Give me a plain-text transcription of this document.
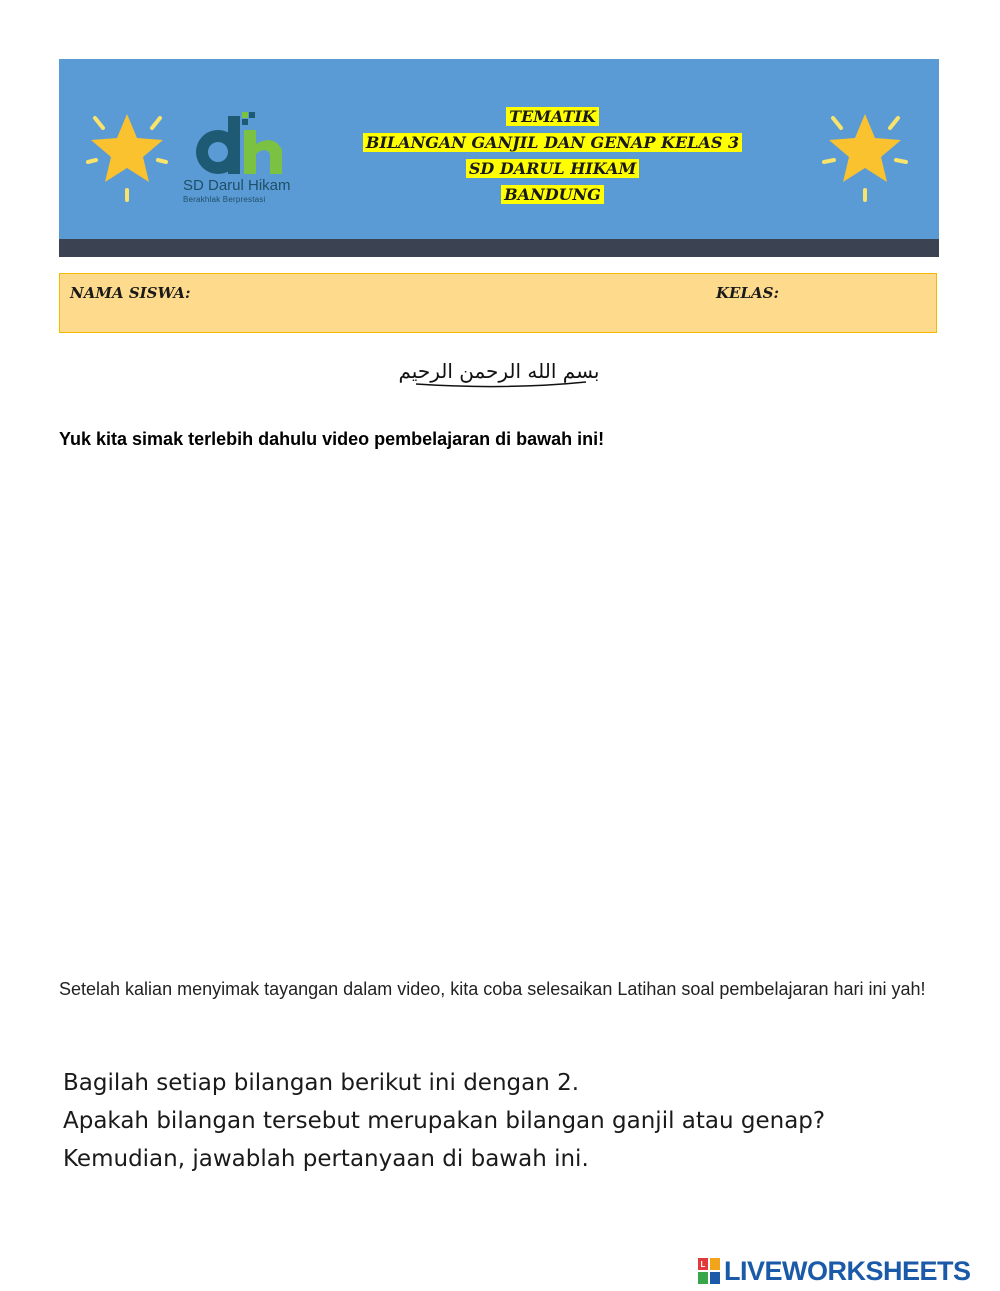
SD Darul Hikam
Berakhlak Berprestasi
TEMATIK
BILANGAN GANJIL DAN GENAP KELAS 3
SD DARUL HIKAM
BANDUNG
NAMA SISWA:	KELAS:
بسم الله الرحمن الرحيم
Yuk kita simak terlebih dahulu video pembelajaran di bawah ini!
Setelah kalian menyimak tayangan dalam video, kita coba selesaikan Latihan soal pembelajaran hari ini yah!
Bagilah setiap bilangan berikut ini dengan 2.
Apakah bilangan tersebut merupakan bilangan ganjil atau genap?
Kemudian, jawablah pertanyaan di bawah ini.
L LIVEWORKSHEETS
